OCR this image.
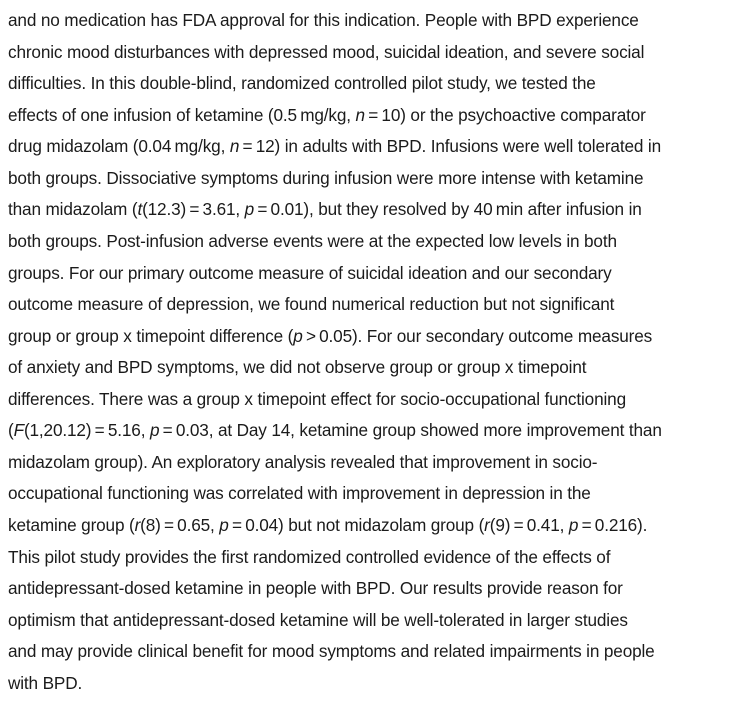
and no medication has FDA approval for this indication. People with BPD experience
chronic mood disturbances with depressed mood, suicidal ideation, and severe social
difficulties. In this double-blind, randomized controlled pilot study, we tested the
effects of one infusion of ketamine (0.5 mg/kg, n = 10) or the psychoactive comparator
drug midazolam (0.04 mg/kg, n = 12) in adults with BPD. Infusions were well tolerated in
both groups. Dissociative symptoms during infusion were more intense with ketamine
than midazolam (t(12.3) = 3.61, p = 0.01), but they resolved by 40 min after infusion in
both groups. Post-infusion adverse events were at the expected low levels in both
groups. For our primary outcome measure of suicidal ideation and our secondary
outcome measure of depression, we found numerical reduction but not significant
group or group x timepoint difference (p > 0.05). For our secondary outcome measures
of anxiety and BPD symptoms, we did not observe group or group x timepoint
differences. There was a group x timepoint effect for socio-occupational functioning
(F(1,20.12) = 5.16, p = 0.03, at Day 14, ketamine group showed more improvement than
midazolam group). An exploratory analysis revealed that improvement in socio-
occupational functioning was correlated with improvement in depression in the
ketamine group (r(8) = 0.65, p = 0.04) but not midazolam group (r(9) = 0.41, p = 0.216).
This pilot study provides the first randomized controlled evidence of the effects of
antidepressant-dosed ketamine in people with BPD. Our results provide reason for
optimism that antidepressant-dosed ketamine will be well-tolerated in larger studies
and may provide clinical benefit for mood symptoms and related impairments in people
with BPD.
